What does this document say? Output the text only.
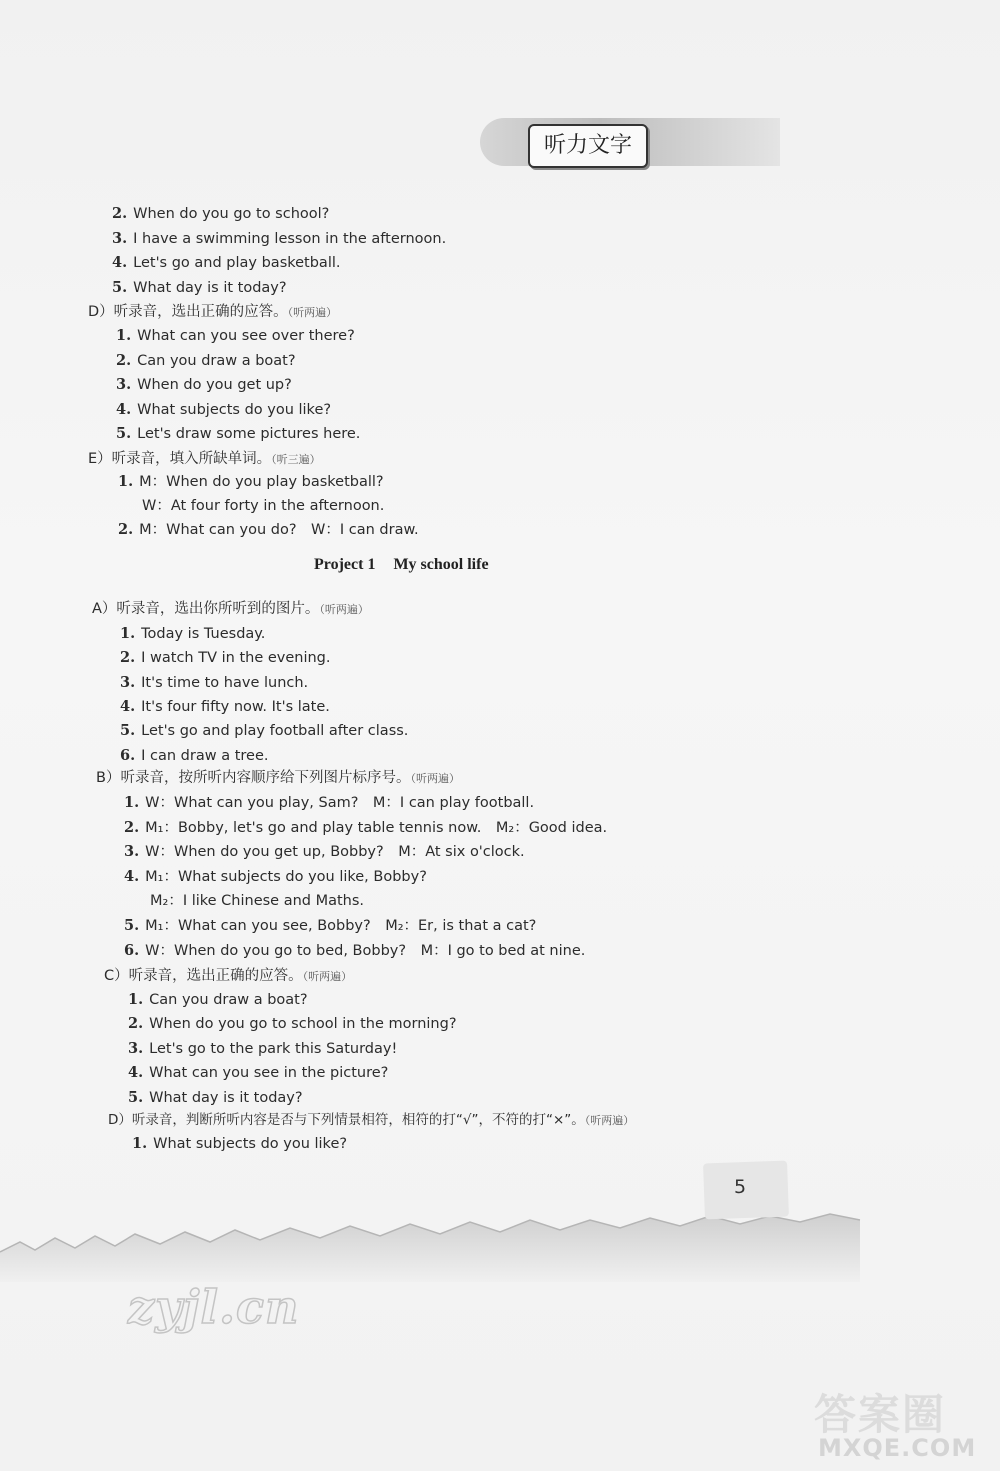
听力文字
2. When do you go to school?
3. I have a swimming lesson in the afternoon.
4. Let's go and play basketball.
5. What day is it today?
D）听录音，选出正确的应答。（听两遍）
1. What can you see over there?
2. Can you draw a boat?
3. When do you get up?
4. What subjects do you like?
5. Let's draw some pictures here.
E）听录音，填入所缺单词。（听三遍）
1. M：When do you play basketball?
W：At four forty in the afternoon.
2. M：What can you do?　W：I can draw.
Project 1 My school life
A）听录音，选出你所听到的图片。（听两遍）
1. Today is Tuesday.
2. I watch TV in the evening.
3. It's time to have lunch.
4. It's four fifty now. It's late.
5. Let's go and play football after class.
6. I can draw a tree.
B）听录音，按所听内容顺序给下列图片标序号。（听两遍）
1. W：What can you play, Sam?　M：I can play football.
2. M₁：Bobby, let's go and play table tennis now.　M₂：Good idea.
3. W：When do you get up, Bobby?　M：At six o'clock.
4. M₁：What subjects do you like, Bobby?
M₂：I like Chinese and Maths.
5. M₁：What can you see, Bobby?　M₂：Er, is that a cat?
6. W：When do you go to bed, Bobby?　M：I go to bed at nine.
C）听录音，选出正确的应答。（听两遍）
1. Can you draw a boat?
2. When do you go to school in the morning?
3. Let's go to the park this Saturday!
4. What can you see in the picture?
5. What day is it today?
D）听录音，判断所听内容是否与下列情景相符，相符的打“√”，不符的打“×”。（听两遍）
1. What subjects do you like?
5
zyjl.cn
答案圈
MXQE.COM
